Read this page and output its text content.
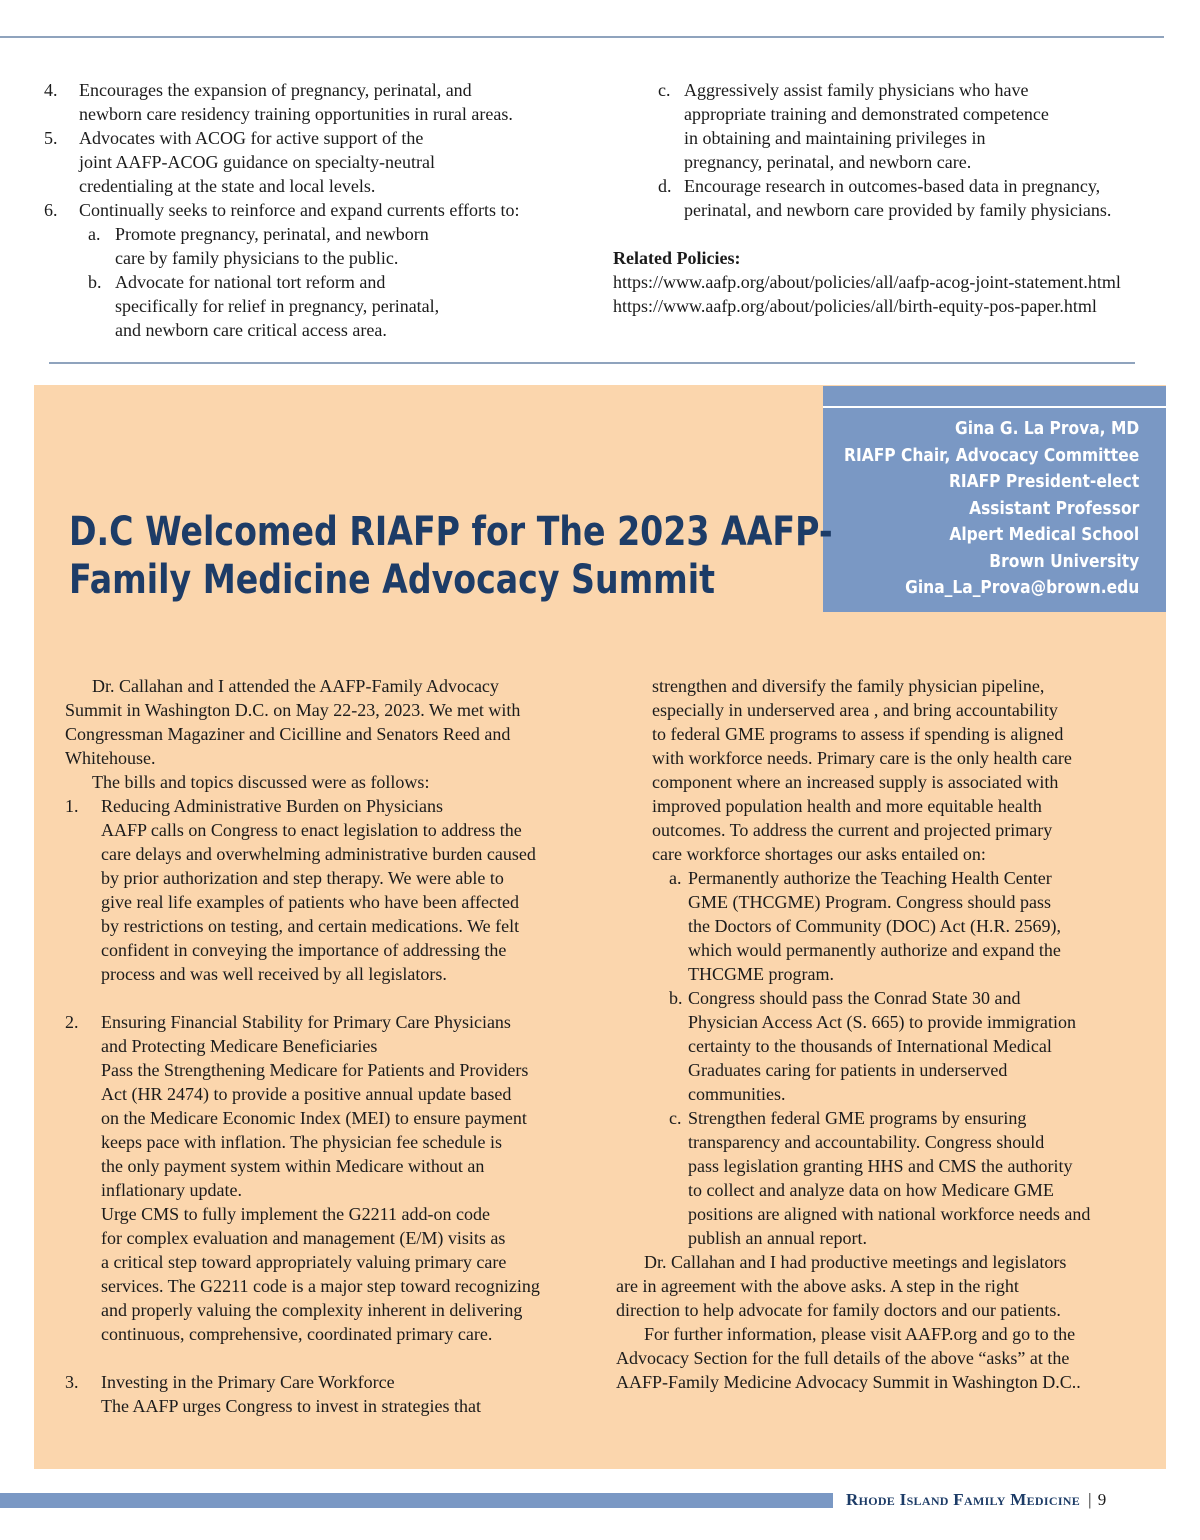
4. Encourages the expansion of pregnancy, perinatal, and
newborn care residency training opportunities in rural areas.
5. Advocates with ACOG for active support of the
joint AAFP-ACOG guidance on specialty-neutral
credentialing at the state and local levels.
6. Continually seeks to reinforce and expand currents efforts to:
a. Promote pregnancy, perinatal, and newborn
care by family physicians to the public.
b. Advocate for national tort reform and
specifically for relief in pregnancy, perinatal,
and newborn care critical access area.
c. Aggressively assist family physicians who have
appropriate training and demonstrated competence
in obtaining and maintaining privileges in
pregnancy, perinatal, and newborn care.
d. Encourage research in outcomes-based data in pregnancy,
perinatal, and newborn care provided by family physicians.
Related Policies:
https://www.aafp.org/about/policies/all/aafp-acog-joint-statement.html
https://www.aafp.org/about/policies/all/birth-equity-pos-paper.html
Gina G. La Prova, MD
RIAFP Chair, Advocacy Committee
RIAFP President-elect
Assistant Professor
Alpert Medical School
Brown University
Gina_La_Prova@brown.edu
D.C Welcomed RIAFP for The 2023 AAFP-
Family Medicine Advocacy Summit
Dr. Callahan and I attended the AAFP-Family Advocacy
Summit in Washington D.C. on May 22-23, 2023. We met with
Congressman Magaziner and Cicilline and Senators Reed and
Whitehouse.
The bills and topics discussed were as follows:
1. Reducing Administrative Burden on Physicians
AAFP calls on Congress to enact legislation to address the
care delays and overwhelming administrative burden caused
by prior authorization and step therapy. We were able to
give real life examples of patients who have been affected
by restrictions on testing, and certain medications. We felt
confident in conveying the importance of addressing the
process and was well received by all legislators.
2. Ensuring Financial Stability for Primary Care Physicians
and Protecting Medicare Beneficiaries
Pass the Strengthening Medicare for Patients and Providers
Act (HR 2474) to provide a positive annual update based
on the Medicare Economic Index (MEI) to ensure payment
keeps pace with inflation. The physician fee schedule is
the only payment system within Medicare without an
inflationary update.
Urge CMS to fully implement the G2211 add-on code
for complex evaluation and management (E/M) visits as
a critical step toward appropriately valuing primary care
services. The G2211 code is a major step toward recognizing
and properly valuing the complexity inherent in delivering
continuous, comprehensive, coordinated primary care.
3. Investing in the Primary Care Workforce
The AAFP urges Congress to invest in strategies that
strengthen and diversify the family physician pipeline,
especially in underserved area , and bring accountability
to federal GME programs to assess if spending is aligned
with workforce needs. Primary care is the only health care
component where an increased supply is associated with
improved population health and more equitable health
outcomes. To address the current and projected primary
care workforce shortages our asks entailed on:
a. Permanently authorize the Teaching Health Center
GME (THCGME) Program. Congress should pass
the Doctors of Community (DOC) Act (H.R. 2569),
which would permanently authorize and expand the
THCGME program.
b. Congress should pass the Conrad State 30 and
Physician Access Act (S. 665) to provide immigration
certainty to the thousands of International Medical
Graduates caring for patients in underserved
communities.
c. Strengthen federal GME programs by ensuring
transparency and accountability. Congress should
pass legislation granting HHS and CMS the authority
to collect and analyze data on how Medicare GME
positions are aligned with national workforce needs and
publish an annual report.
Dr. Callahan and I had productive meetings and legislators
are in agreement with the above asks. A step in the right
direction to help advocate for family doctors and our patients.
For further information, please visit AAFP.org and go to the
Advocacy Section for the full details of the above “asks” at the
AAFP-Family Medicine Advocacy Summit in Washington D.C..
Rhode Island Family Medicine | 9
